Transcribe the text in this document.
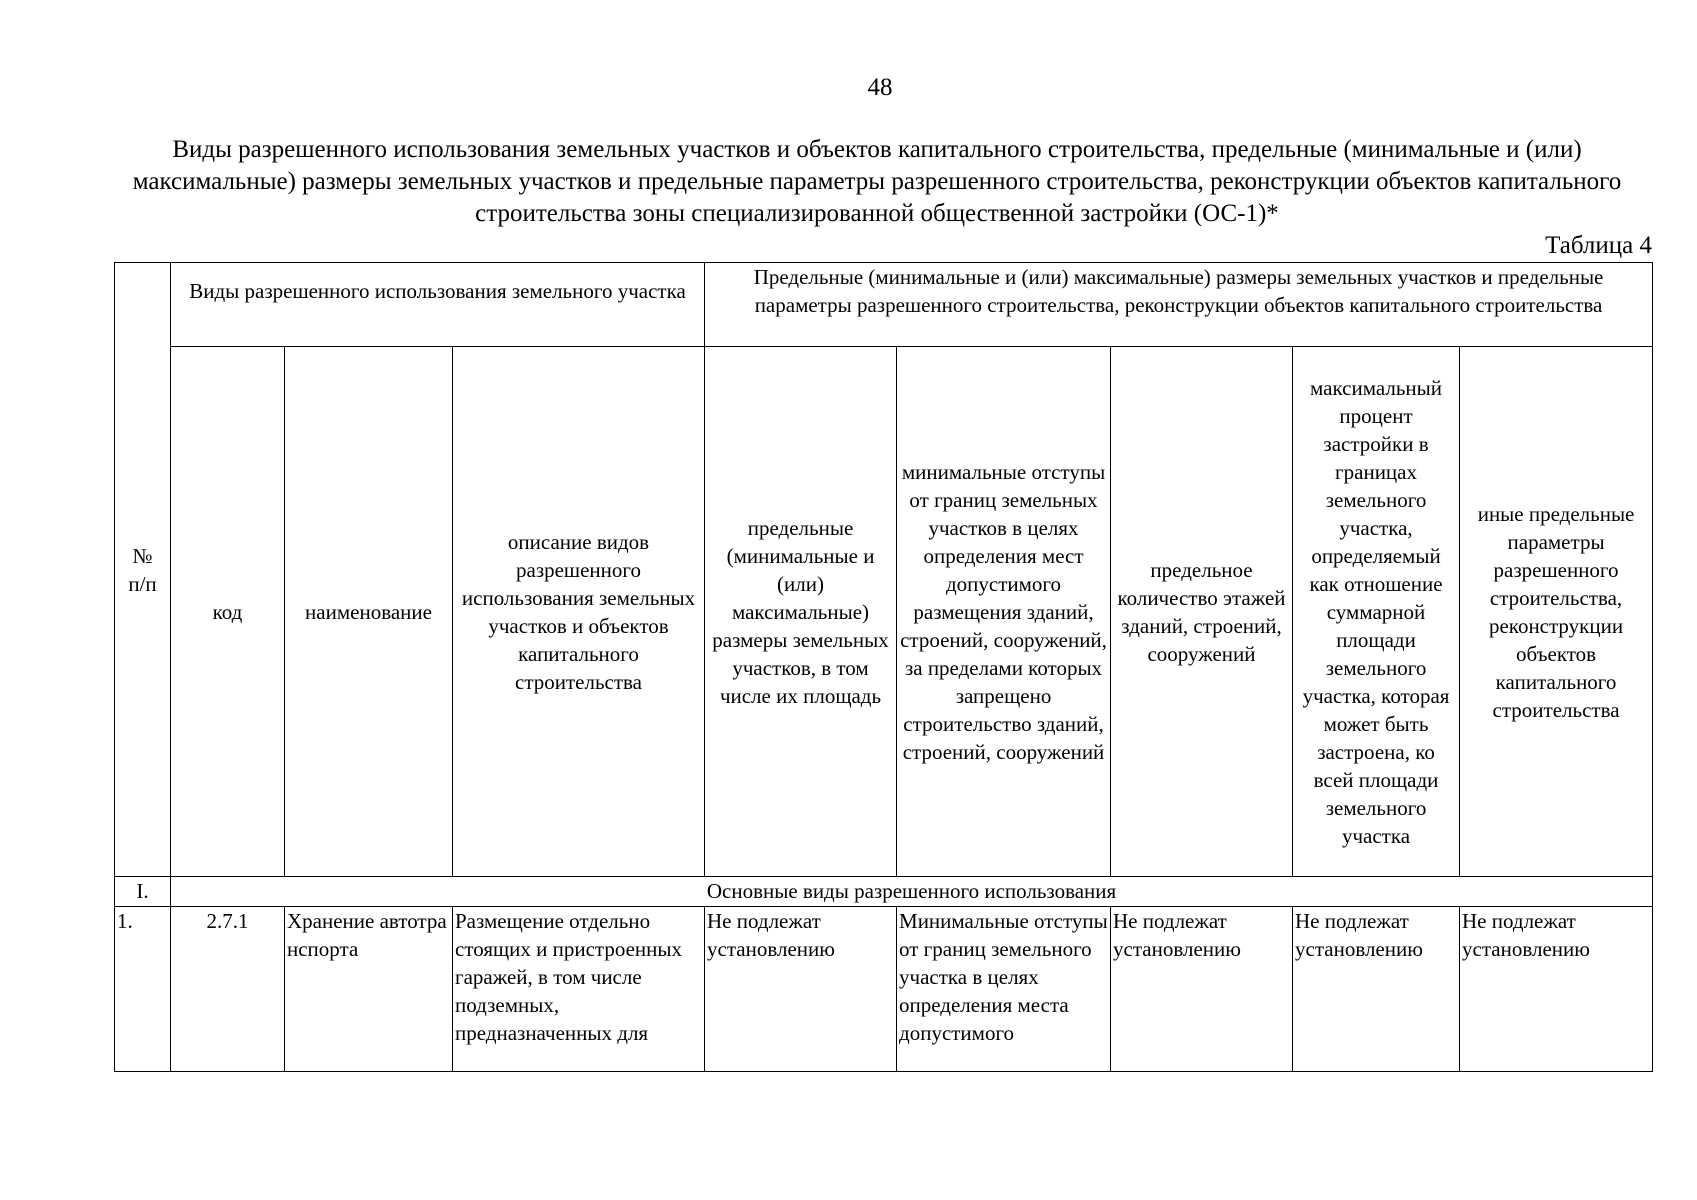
48
Виды разрешенного использования земельных участков и объектов капитального строительства, предельные (минимальные и (или) максимальные) размеры земельных участков и предельные параметры разрешенного строительства, реконструкции объектов капитального строительства зоны специализированной общественной застройки (ОС-1)*
Таблица 4
№
п/п	Виды разрешенного использования земельного участка			Предельные (минимальные и (или) максимальные) размеры земельных участков и предельные параметры разрешенного строительства, реконструкции объектов капитального строительства				
	код	наименование	описание видов разрешенного использования земельных участков и объектов капитального строительства	предельные (минимальные и (или) максимальные) размеры земельных участков, в том числе их площадь	минимальные отступы от границ земельных участков в целях определения мест допустимого размещения зданий, строений, сооружений, за пределами которых запрещено строительство зданий, строений, сооружений	предельное количество этажей зданий, строений, сооружений	максимальный процент застройки в границах земельного участка, определяемый как отношение суммарной площади земельного участка, которая может быть застроена, ко всей площади земельного участка	иные предельные параметры разрешенного строительства, реконструкции объектов капитального строительства
I.	Основные виды разрешенного использования							
1.	2.7.1	Хранение автотранспорта	Размещение отдельно стоящих и пристроенных гаражей, в том числе подземных, предназначенных для	Не подлежат установлению	Минимальные отступы от границ земельного участка в целях определения места допустимого	Не подлежат установлению	Не подлежат установлению	Не подлежат установлению
